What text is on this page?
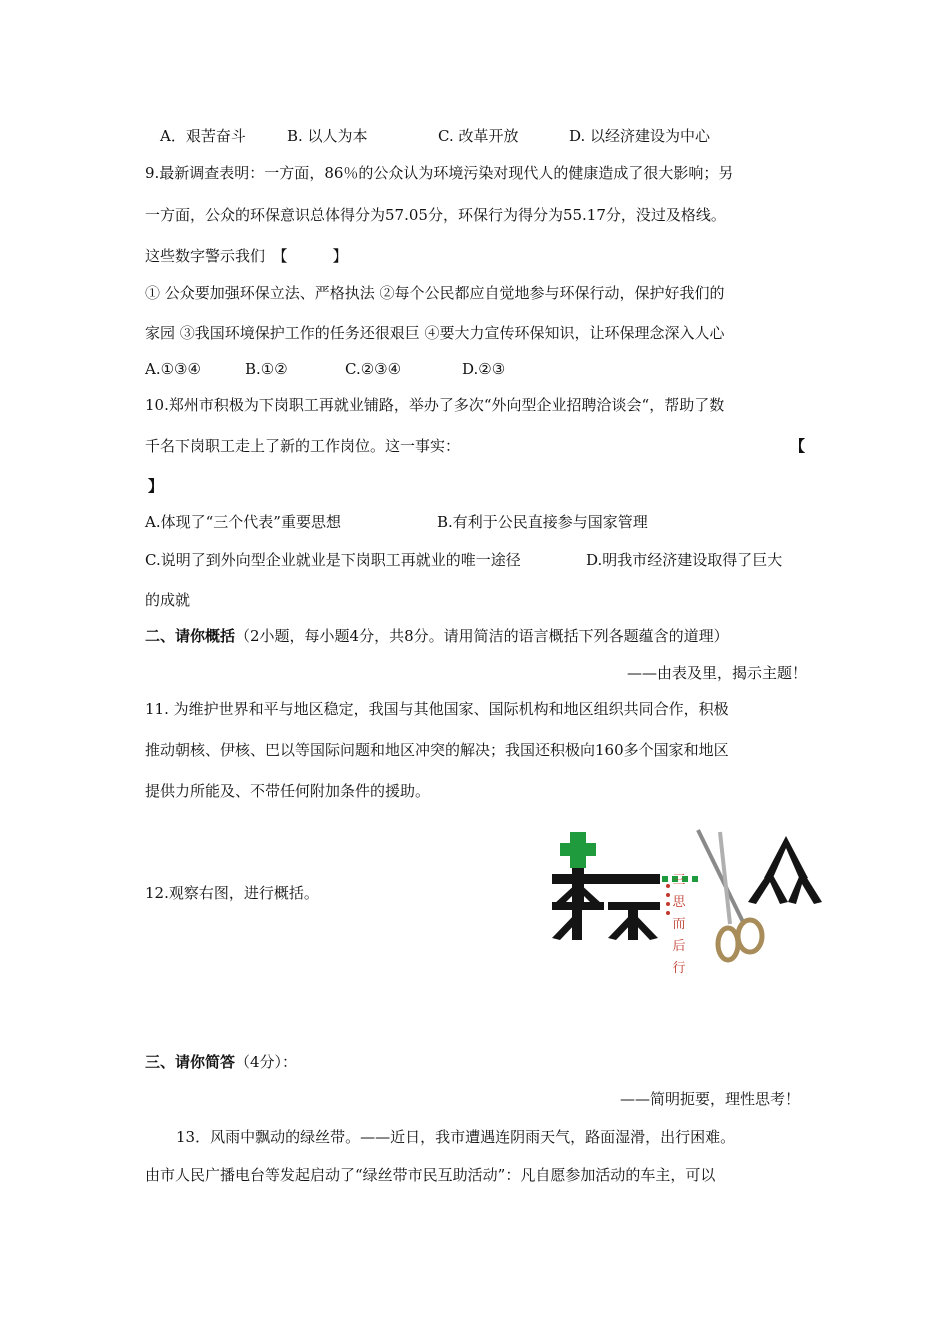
A．艰苦奋斗	B. 以人为本	C. 改革开放	D. 以经济建设为中心
9.最新调查表明：一方面，86％的公众认为环境污染对现代人的健康造成了很大影响；另
一方面，公众的环保意识总体得分为57.05分，环保行为得分为55.17分，没过及格线。
这些数字警示我们　【　　　】
① 公众要加强环保立法、严格执法 ②每个公民都应自觉地参与环保行动，保护好我们的
家园 ③我国环境保护工作的任务还很艰巨 ④要大力宣传环保知识，让环保理念深入人心
A.①③④	B.①②	C.②③④	D.②③
10.郑州市积极为下岗职工再就业铺路，举办了多次“外向型企业招聘洽谈会“，帮助了数
千名下岗职工走上了新的工作岗位。这一事实：	【
】
A.体现了“三个代表”重要思想	B.有利于公民直接参与国家管理
C.说明了到外向型企业就业是下岗职工再就业的唯一途径	D.明我市经济建设取得了巨大
的成就
二、请你概括（2小题，每小题4分，共8分。请用简洁的语言概括下列各题蕴含的道理）
——由表及里，揭示主题！
11. 为维护世界和平与地区稳定，我国与其他国家、国际机构和地区组织共同合作，积极
推动朝核、伊核、巴以等国际问题和地区冲突的解决；我国还积极向160多个国家和地区
提供力所能及、不带任何附加条件的援助。
12.观察右图，进行概括。
三
思
而
后
行
三、请你简答（4分）：
——简明扼要，理性思考！
13．风雨中飘动的绿丝带。——近日，我市遭遇连阴雨天气，路面湿滑，出行困难。
由市人民广播电台等发起启动了“绿丝带市民互助活动”：凡自愿参加活动的车主，可以
